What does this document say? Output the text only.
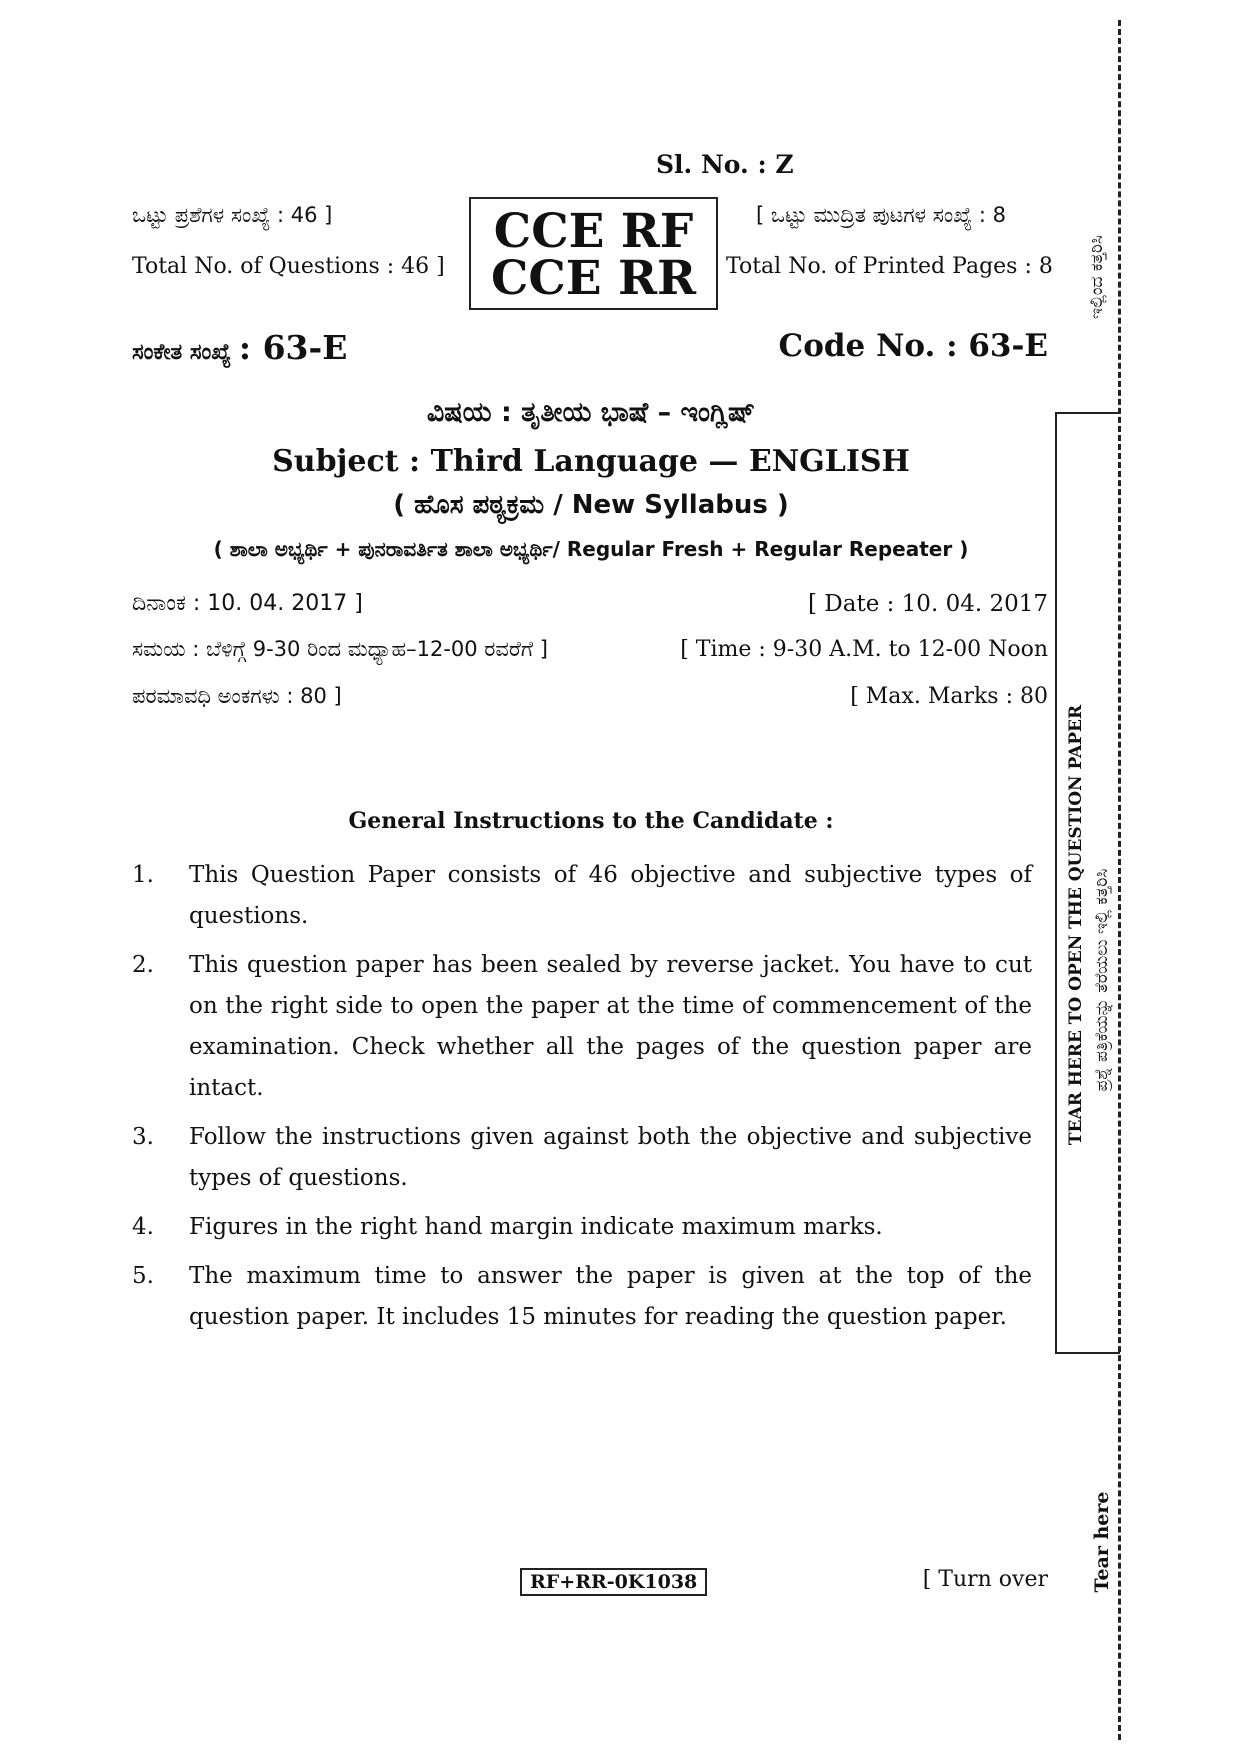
Sl. No. : Z
ಒಟ್ಟು ಪ್ರಶೆಗಳ ಸಂಖ್ಯೆ : 46 ]
Total No. of Questions : 46 ]
CCE RF
CCE RR
[ ಒಟ್ಟು ಮುದ್ರಿತ ಪುಟಗಳ ಸಂಖ್ಯೆ : 8
Total No. of Printed Pages : 8
ಸಂಕೇತ ಸಂಖ್ಯೆ : 63-E	Code No. : 63-E
ವಿಷಯ : ತೃತೀಯ ಭಾಷೆ – ಇಂಗ್ಲಿಷ್
Subject : Third Language — ENGLISH
( ಹೊಸ ಪಠ್ಯಕ್ರಮ / New Syllabus )
( ಶಾಲಾ ಅಭ್ಯರ್ಥಿ + ಪುನರಾವರ್ತಿತ ಶಾಲಾ ಅಭ್ಯರ್ಥಿ/ Regular Fresh + Regular Repeater )
ದಿನಾಂಕ : 10. 04. 2017 ]	[ Date : 10. 04. 2017
ಸಮಯ : ಬೆಳಿಗ್ಗೆ 9-30 ರಿಂದ ಮಧ್ಯಾಹ–12-00 ರವರೆಗೆ ]	[ Time : 9-30 A.M. to 12-00 Noon
ಪರಮಾವಧಿ ಅಂಕಗಳು : 80 ]	[ Max. Marks : 80
General Instructions to the Candidate :
1. This Question Paper consists of 46 objective and subjective types of questions.
2. This question paper has been sealed by reverse jacket. You have to cut on the right side to open the paper at the time of commencement of the examination. Check whether all the pages of the question paper are intact.
3. Follow the instructions given against both the objective and subjective types of questions.
4. Figures in the right hand margin indicate maximum marks.
5. The maximum time to answer the paper is given at the top of the question paper. It includes 15 minutes for reading the question paper.
RF+RR-0K1038	[ Turn over
ಇಲ್ಲಿಂದ ಕತ್ತರಿಸಿ
TEAR HERE TO OPEN THE QUESTION PAPER ಪ್ರಶ್ನೆ ಪತ್ರಿಕೆಯನ್ನು ತೆರೆಯಲು ಇಲ್ಲಿ ಕತ್ತರಿಸಿ
Tear here
